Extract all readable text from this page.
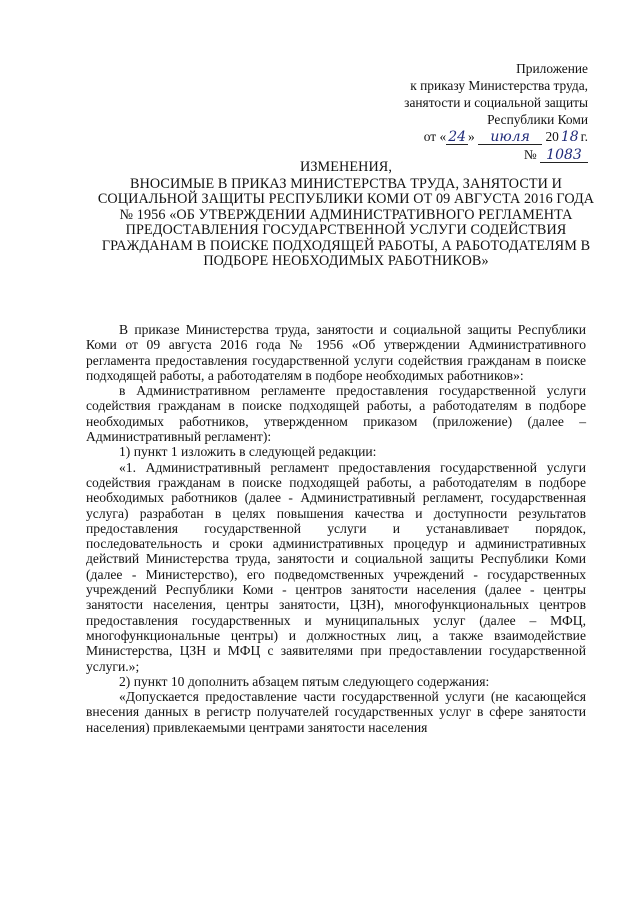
Приложение
к приказу Министерства труда,
занятости и социальной защиты
Республики Коми
от « 24 » июля 20 18 г.
№ 1083
ИЗМЕНЕНИЯ,
ВНОСИМЫЕ В ПРИКАЗ МИНИСТЕРСТВА ТРУДА, ЗАНЯТОСТИ И СОЦИАЛЬНОЙ ЗАЩИТЫ РЕСПУБЛИКИ КОМИ ОТ 09 АВГУСТА 2016 ГОДА № 1956 «ОБ УТВЕРЖДЕНИИ АДМИНИСТРАТИВНОГО РЕГЛАМЕНТА ПРЕДОСТАВЛЕНИЯ ГОСУДАРСТВЕННОЙ УСЛУГИ СОДЕЙСТВИЯ ГРАЖДАНАМ В ПОИСКЕ ПОДХОДЯЩЕЙ РАБОТЫ, А РАБОТОДАТЕЛЯМ В ПОДБОРЕ НЕОБХОДИМЫХ РАБОТНИКОВ»

В приказе Министерства труда, занятости и социальной защиты Республики Коми от 09 августа 2016 года № 1956 «Об утверждении Административного регламента предоставления государственной услуги содействия гражданам в поиске подходящей работы, а работодателям в подборе необходимых работников»:

в Административном регламенте предоставления государственной услуги содействия гражданам в поиске подходящей работы, а работодателям в подборе необходимых работников, утвержденном приказом (приложение) (далее – Административный регламент):

1) пункт 1 изложить в следующей редакции:

«1. Административный регламент предоставления государственной услуги содействия гражданам в поиске подходящей работы, а работодателям в подборе необходимых работников (далее - Административный регламент, государственная услуга) разработан в целях повышения качества и доступности результатов предоставления государственной услуги и устанавливает порядок, последовательность и сроки административных процедур и административных действий Министерства труда, занятости и социальной защиты Республики Коми (далее - Министерство), его подведомственных учреждений - государственных учреждений Республики Коми - центров занятости населения (далее - центры занятости населения, центры занятости, ЦЗН), многофункциональных центров предоставления государственных и муниципальных услуг (далее – МФЦ, многофункциональные центры) и должностных лиц, а также взаимодействие Министерства, ЦЗН и МФЦ с заявителями при предоставлении государственной услуги.»;

2) пункт 10 дополнить абзацем пятым следующего содержания:

«Допускается предоставление части государственной услуги (не касающейся внесения данных в регистр получателей государственных услуг в сфере занятости населения) привлекаемыми центрами занятости населения
